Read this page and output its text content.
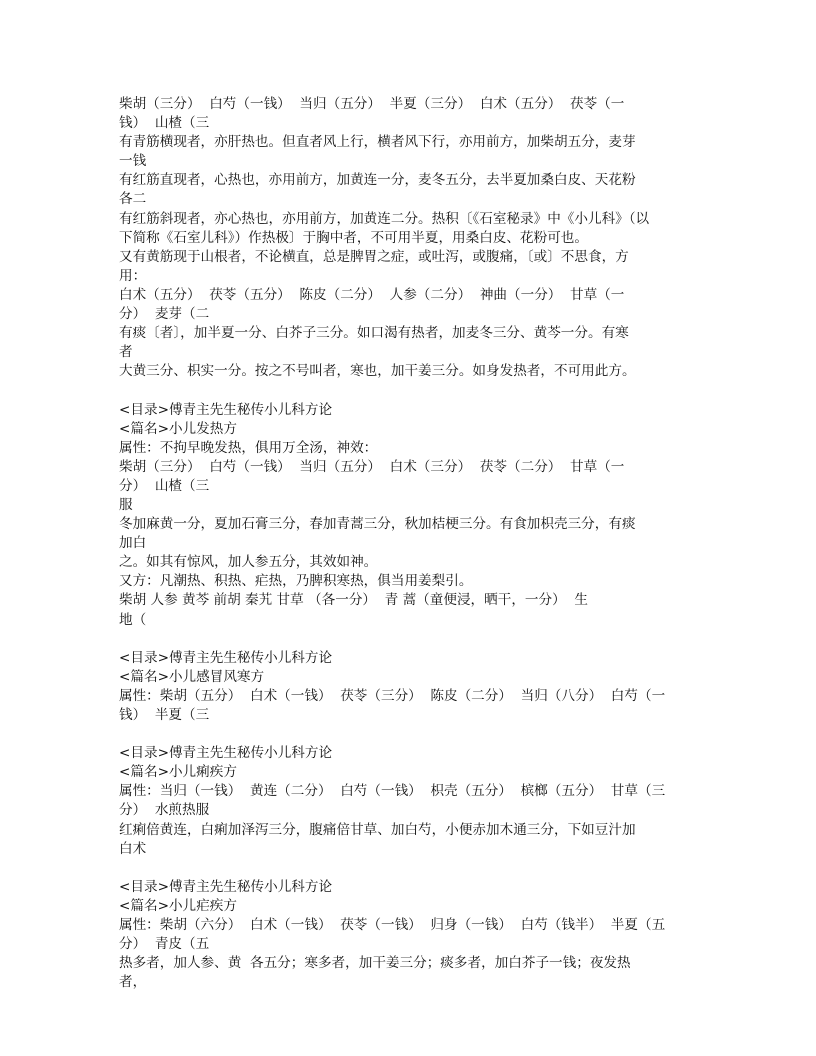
柴胡（三分）  白芍（一钱）  当归（五分）  半夏（三分）  白术（五分）  茯苓（一
钱）  山楂（三
有青筋横现者，亦肝热也。但直者风上行，横者风下行，亦用前方，加柴胡五分，麦芽
一钱
有红筋直现者，心热也，亦用前方，加黄连一分，麦冬五分，去半夏加桑白皮、天花粉
各二
有红筋斜现者，亦心热也，亦用前方，加黄连二分。热积〔《石室秘录》中《小儿科》（以
下简称《石室儿科》）作热极〕于胸中者，不可用半夏，用桑白皮、花粉可也。
又有黄筋现于山根者，不论横直，总是脾胃之症，或吐泻，或腹痛，〔或〕不思食，方
用：
白术（五分）  茯苓（五分）  陈皮（二分）  人参（二分）  神曲（一分）  甘草（一
分）  麦芽（二
有痰〔者〕，加半夏一分、白芥子三分。如口渴有热者，加麦冬三分、黄芩一分。有寒
者
大黄三分、枳实一分。按之不号叫者，寒也，加干姜三分。如身发热者，不可用此方。
<目录>傅青主先生秘传小儿科方论
<篇名>小儿发热方
属性：不拘早晚发热，俱用万全汤，神效：
柴胡（三分）  白芍（一钱）  当归（五分）  白术（三分）  茯苓（二分）  甘草（一
分）  山楂（三
服
冬加麻黄一分，夏加石膏三分，春加青蒿三分，秋加桔梗三分。有食加枳壳三分，有痰
加白
之。如其有惊风，加人参五分，其效如神。
又方：凡潮热、积热、疟热，乃脾积寒热，俱当用姜梨引。
柴胡 人参 黄芩 前胡 秦艽 甘草 （各一分）  青 蒿（童便浸，晒干，一分）  生
地（
<目录>傅青主先生秘传小儿科方论
<篇名>小儿感冒风寒方
属性：柴胡（五分）  白术（一钱）  茯苓（三分）  陈皮（二分）  当归（八分）  白芍（一
钱）  半夏（三
<目录>傅青主先生秘传小儿科方论
<篇名>小儿痢疾方
属性：当归（一钱）  黄连（二分）  白芍（一钱）  枳壳（五分）  槟榔（五分）  甘草（三
分）  水煎热服
红痢倍黄连，白痢加泽泻三分，腹痛倍甘草、加白芍，小便赤加木通三分，下如豆汁加
白术
<目录>傅青主先生秘传小儿科方论
<篇名>小儿疟疾方
属性：柴胡（六分）  白术（一钱）  茯苓（一钱）  归身（一钱）  白芍（钱半）  半夏（五
分）  青皮（五
热多者，加人参、黄  各五分；寒多者，加干姜三分；痰多者，加白芥子一钱；夜发热
者，
